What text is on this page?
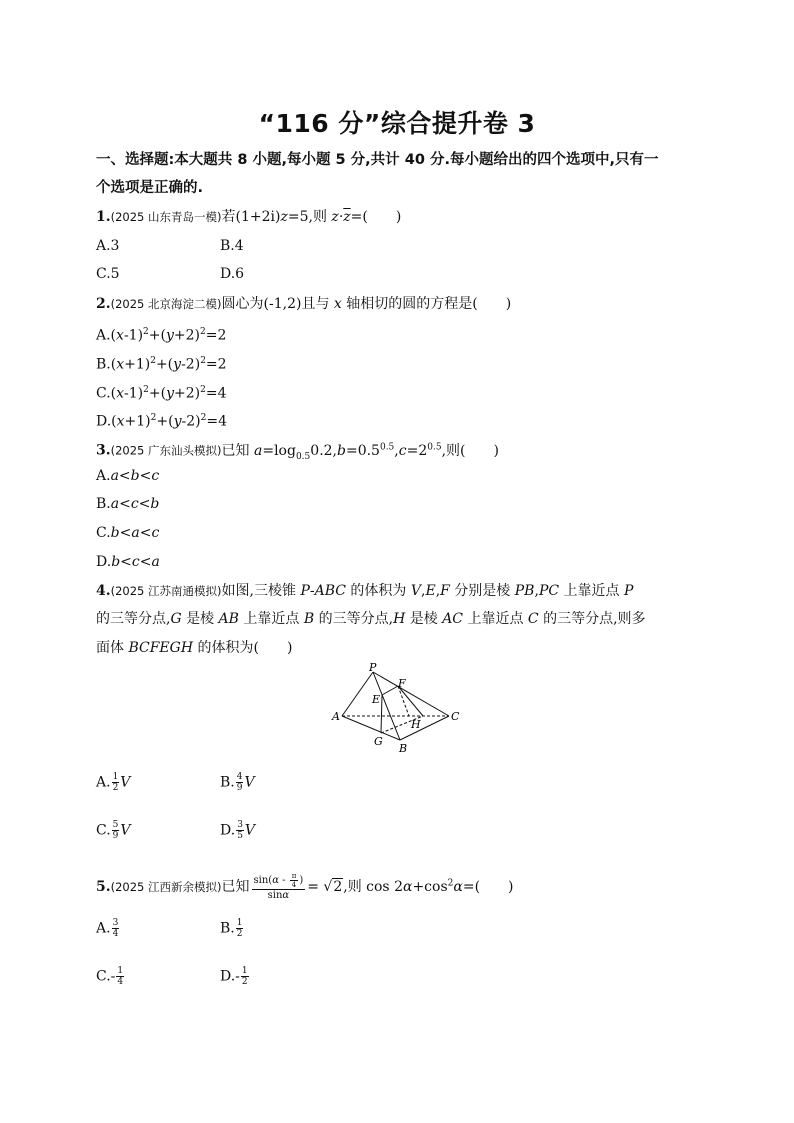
“116 分”综合提升卷 3
一、选择题:本大题共 8 小题,每小题 5 分,共计 40 分.每小题给出的四个选项中,只有一
个选项是正确的.
1.(2025 山东青岛一模)若(1+2i)z=5,则 $z\cdot\overline{z}=$(　　)
A.3	B.4
C.5	D.6
2.(2025 北京海淀二模)圆心为(-1,2)且与 x 轴相切的圆的方程是(　　)
$A.(x-1)^2+(y+2)^2=2$
$B.(x+1)^2+(y-2)^2=2$
$C.(x-1)^2+(y+2)^2=4$
$D.(x+1)^2+(y-2)^2=4$
3.(2025 广东汕头模拟)已知 $a=\log_{0.5}0.2,b=0.5^{0.5},c=2^{0.5}$,则(　　)
A.a<b<c
B.a<c<b
C.b<a<c
D.b<c<a
4.(2025 江苏南通模拟)如图,三棱锥 P-ABC 的体积为 V,E,F 分别是棱 PB,PC 上靠近点 P
的三等分点,G 是棱 AB 上靠近点 B 的三等分点,H 是棱 AC 上靠近点 C 的三等分点,则多
面体 BCFEGH 的体积为(　　)
P
A
B
C
E
F
G
H
A. $\frac{1}{2}$ V	B. $\frac{4}{9}$ V
C. $\frac{5}{9}$ V	D. $\frac{3}{5}$ V
5.(2025 江西新余模拟)已知 $\frac{\sin(\alpha - \frac{\pi}{4} )}{\sin\alpha} = √2$,则 $\cos 2\alpha+\cos^2\alpha=$(　　)
A. $\frac{3}{4}$	B. $\frac{1}{2}$
$C.- \frac{1}{4}$	$D.- \frac{1}{2}$
